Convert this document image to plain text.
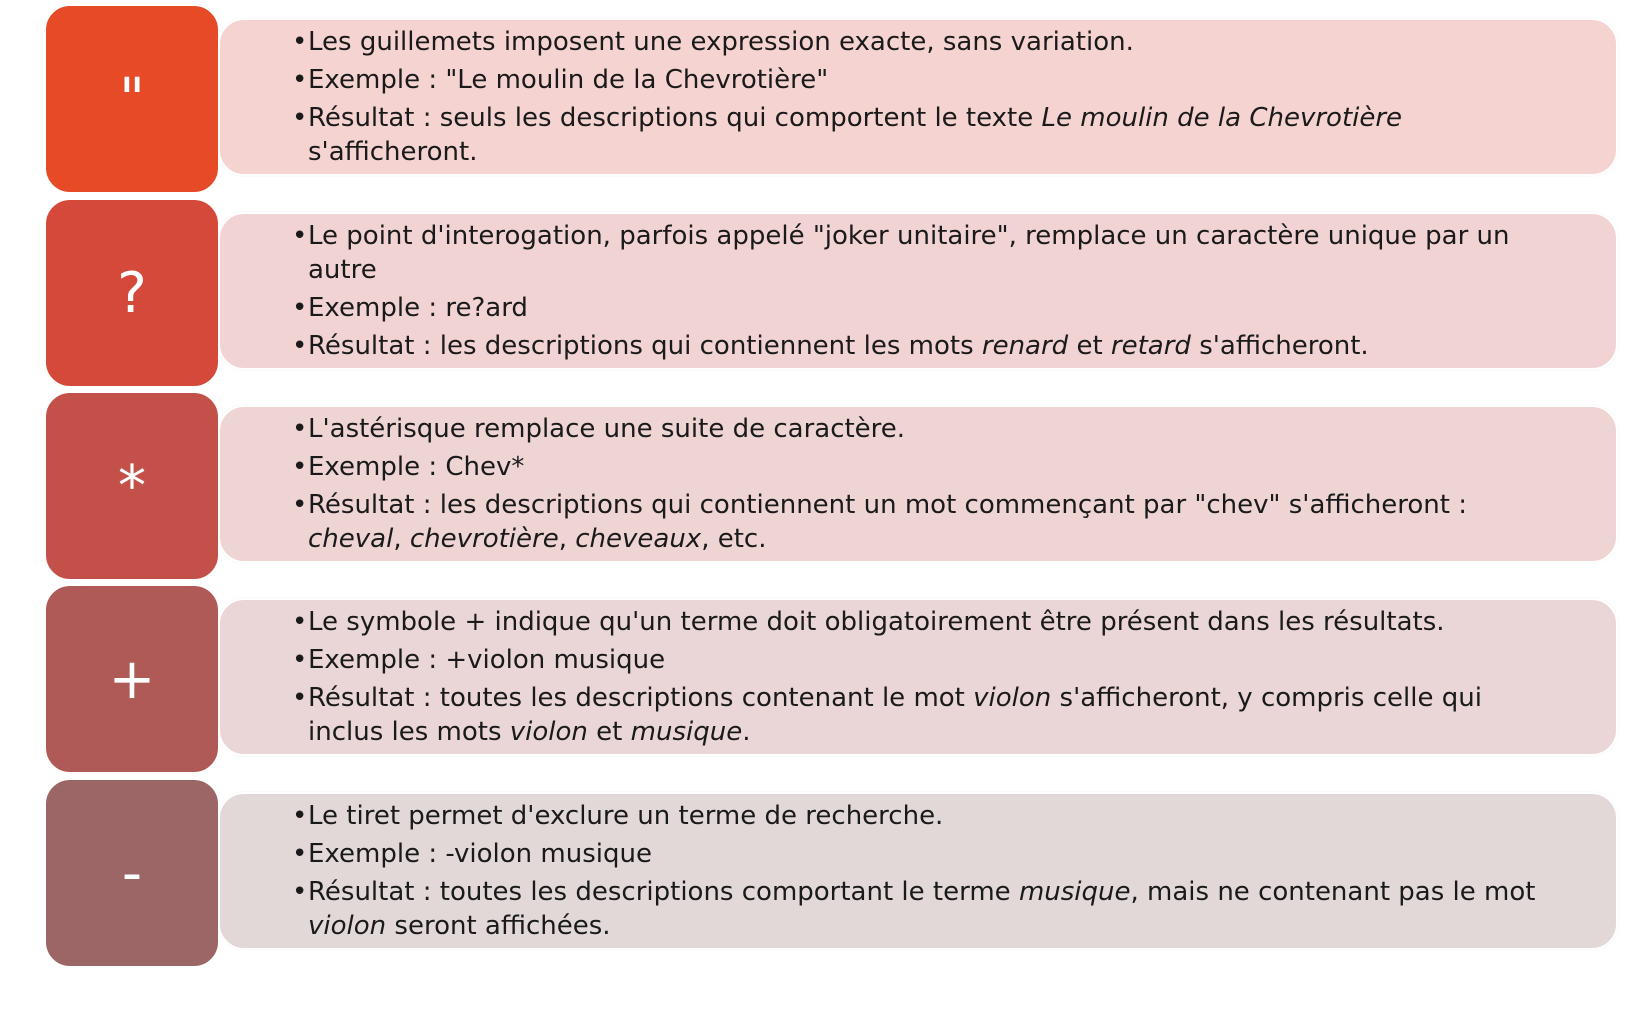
• Les guillemets imposent une expression exacte, sans variation.
• Exemple : "Le moulin de la Chevrotière"
• Résultat : seuls les descriptions qui comportent le texte Le moulin de la Chevrotière s'afficheront.
"
• Le point d'interogation, parfois appelé "joker unitaire", remplace un caractère unique par un autre
• Exemple : re?ard
• Résultat : les descriptions qui contiennent les mots renard et retard s'afficheront.
?
• L'astérisque remplace une suite de caractère.
• Exemple : Chev*
• Résultat : les descriptions qui contiennent un mot commençant par "chev" s'afficheront : cheval, chevrotière, cheveaux, etc.
*
• Le symbole + indique qu'un terme doit obligatoirement être présent dans les résultats.
• Exemple : +violon musique
• Résultat : toutes les descriptions contenant le mot violon s'afficheront, y compris celle qui inclus les mots violon et musique.
+
• Le tiret permet d'exclure un terme de recherche.
• Exemple : -violon musique
• Résultat : toutes les descriptions comportant le terme musique, mais ne contenant pas le mot violon seront affichées.
-
